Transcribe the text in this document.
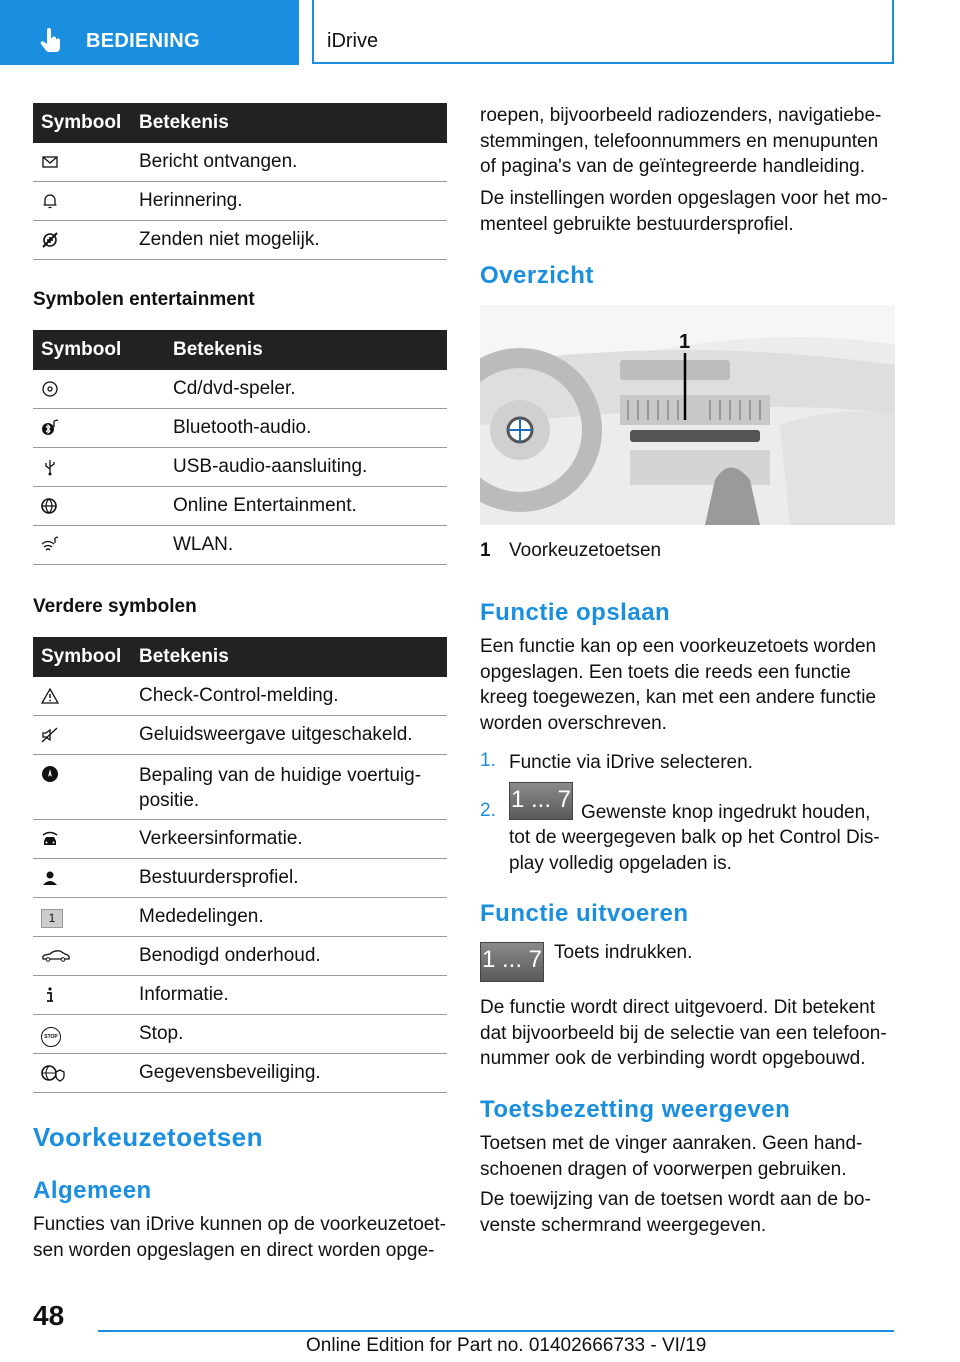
BEDIENING	iDrive
Symbool Betekenis
Bericht ontvangen.
Herinnering.
Zenden niet mogelijk.
Symbolen entertainment
Symbool	Betekenis
Cd/dvd-speler.
Bluetooth-audio.
USB-audio-aansluiting.
Online Entertainment.
WLAN.
Verdere symbolen
Symbool Betekenis
Check-Control-melding.
Geluidsweergave uitgeschakeld.
Bepaling van de huidige voertuig-
positie.
Verkeersinformatie.
Bestuurdersprofiel.
1	Mededelingen.
Benodigd onderhoud.
Informatie.
STOP	Stop.
Gegevensbeveiliging.
Voorkeuzetoetsen
Algemeen
Functies van iDrive kunnen op de voorkeuzetoet-
sen worden opgeslagen en direct worden opge-
roepen, bijvoorbeeld radiozenders, navigatiebe-
stemmingen, telefoonnummers en menupunten
of pagina's van de geïntegreerde handleiding.
De instellingen worden opgeslagen voor het mo-
menteel gebruikte bestuurdersprofiel.
Overzicht
1
1 Voorkeuzetoetsen
Functie opslaan
Een functie kan op een voorkeuzetoets worden
opgeslagen. Een toets die reeds een functie
kreeg toegewezen, kan met een andere functie
worden overschreven.
1. Functie via iDrive selecteren.
2. 1 ... 7 Gewenste knop ingedrukt houden,
tot de weergegeven balk op het Control Dis-
play volledig opgeladen is.
Functie uitvoeren
1 ... 7 Toets indrukken.
De functie wordt direct uitgevoerd. Dit betekent
dat bijvoorbeeld bij de selectie van een telefoon-
nummer ook de verbinding wordt opgebouwd.
Toetsbezetting weergeven
Toetsen met de vinger aanraken. Geen hand-
schoenen dragen of voorwerpen gebruiken.
De toewijzing van de toetsen wordt aan de bo-
venste schermrand weergegeven.
48
Online Edition for Part no. 01402666733 - VI/19
